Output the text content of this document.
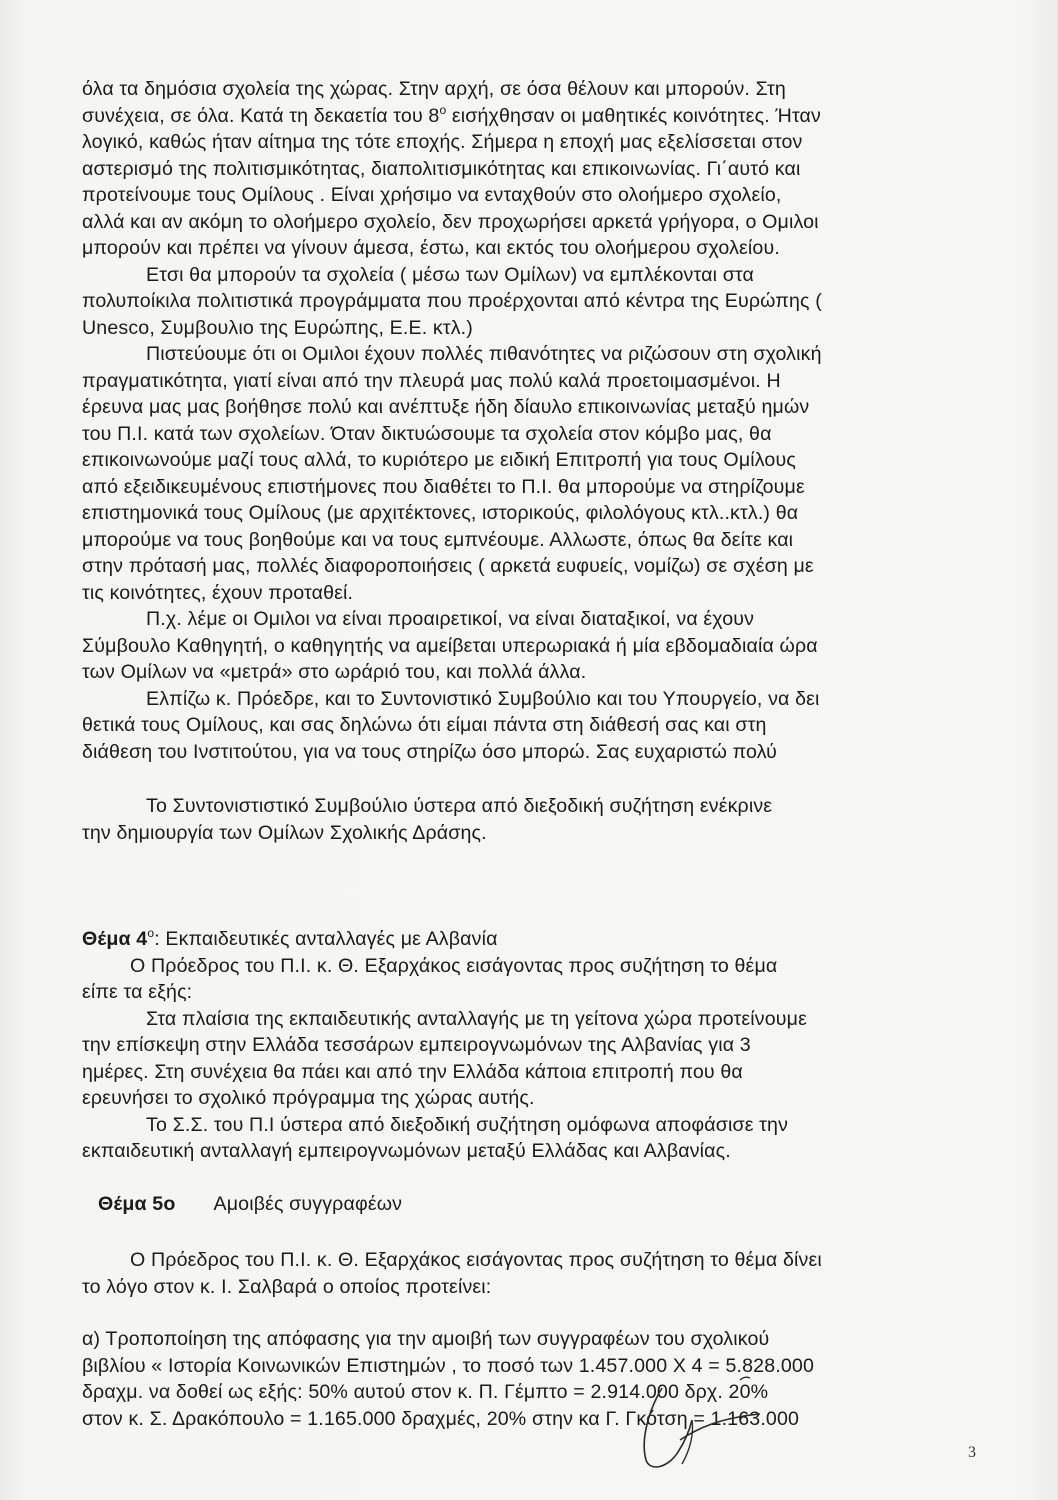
όλα τα δημόσια σχολεία της χώρας. Στην αρχή, σε όσα θέλουν και μπορούν. Στη
συνέχεια, σε όλα. Κατά τη δεκαετία του $8^o$ εισήχθησαν οι μαθητικές κοινότητες. Ήταν
λογικό, καθώς ήταν αίτημα της τότε εποχής. Σήμερα η εποχή μας εξελίσσεται στον
αστερισμό της πολιτισμικότητας, διαπολιτισμικότητας και επικοινωνίας. Γι΄αυτό και
προτείνουμε τους Ομίλους . Είναι χρήσιμο να ενταχθούν στο ολοήμερο σχολείο,
αλλά και αν ακόμη το ολοήμερο σχολείο, δεν προχωρήσει αρκετά γρήγορα, ο Ομιλοι
μπορούν και πρέπει να γίνουν άμεσα, έστω, και εκτός του ολοήμερου σχολείου.
Ετσι θα μπορούν τα σχολεία ( μέσω των Ομίλων) να εμπλέκονται στα
πολυποίκιλα πολιτιστικά προγράμματα που προέρχονται από κέντρα της Ευρώπης (
Unesco, Συμβουλιο της Ευρώπης, Ε.Ε. κτλ.)
Πιστεύουμε ότι οι Ομιλοι έχουν πολλές πιθανότητες να ριζώσουν στη σχολική
πραγματικότητα, γιατί είναι από την πλευρά μας πολύ καλά προετοιμασμένοι. Η
έρευνα μας μας βοήθησε πολύ και ανέπτυξε ήδη δίαυλο επικοινωνίας μεταξύ ημών
του Π.Ι. κατά των σχολείων. Όταν δικτυώσουμε τα σχολεία στον κόμβο μας, θα
επικοινωνούμε μαζί τους αλλά, το κυριότερο με ειδική Επιτροπή για τους Ομίλους
από εξειδικευμένους επιστήμονες που διαθέτει το Π.Ι. θα μπορούμε να στηρίζουμε
επιστημονικά τους Ομίλους (με αρχιτέκτονες, ιστορικούς, φιλολόγους κτλ..κτλ.) θα
μπορούμε να τους βοηθούμε και να τους εμπνέουμε. Αλλωστε, όπως θα δείτε και
στην πρότασή μας, πολλές διαφοροποιήσεις ( αρκετά ευφυείς, νομίζω) σε σχέση με
τις κοινότητες, έχουν προταθεί.
Π.χ. λέμε οι Ομιλοι να είναι προαιρετικοί, να είναι διαταξικοί, να έχουν
Σύμβουλο Καθηγητή, ο καθηγητής να αμείβεται υπερωριακά ή μία εβδομαδιαία ώρα
των Ομίλων να «μετρά» στο ωράριό του, και πολλά άλλα.
Ελπίζω κ. Πρόεδρε, και το Συντονιστικό Συμβούλιο και του Υπουργείο, να δει
θετικά τους Ομίλους, και σας δηλώνω ότι είμαι πάντα στη διάθεσή σας και στη
διάθεση του Ινστιτούτου, για να τους στηρίζω όσο μπορώ. Σας ευχαριστώ πολύ
Το Συντονιστιστικό Συμβούλιο ύστερα από διεξοδική συζήτηση ενέκρινε
την δημιουργία των Ομίλων Σχολικής Δράσης.
Θέμα $4^o$: Εκπαιδευτικές ανταλλαγές με Αλβανία
Ο Πρόεδρος του Π.Ι. κ. Θ. Εξαρχάκος εισάγοντας προς συζήτηση το θέμα
είπε τα εξής:
Στα πλαίσια της εκπαιδευτικής ανταλλαγής με τη γείτονα χώρα προτείνουμε
την επίσκεψη στην Ελλάδα τεσσάρων εμπειρογνωμόνων της Αλβανίας για 3
ημέρες. Στη συνέχεια θα πάει και από την Ελλάδα κάποια επιτροπή που θα
ερευνήσει το σχολικό πρόγραμμα της χώρας αυτής.
Το Σ.Σ. του Π.Ι ύστερα από διεξοδική συζήτηση ομόφωνα αποφάσισε την
εκπαιδευτική ανταλλαγή εμπειρογνωμόνων μεταξύ Ελλάδας και Αλβανίας.
Θέμα 5ο Αμοιβές συγγραφέων
Ο Πρόεδρος του Π.Ι. κ. Θ. Εξαρχάκος εισάγοντας προς συζήτηση το θέμα δίνει
το λόγο στον κ. Ι. Σαλβαρά ο οποίος προτείνει:
α) Τροποποίηση της απόφασης για την αμοιβή των συγγραφέων του σχολικού
βιβλίου « Ιστορία Κοινωνικών Επιστημών , το ποσό των 1.457.000 Χ 4 = 5.828.000
δραχμ. να δοθεί ως εξής: 50% αυτού στον κ. Π. Γέμπτο = 2.914.000 δρχ. 20%
στον κ. Σ. Δρακόπουλο = 1.165.000 δραχμές, 20% στην κα Γ. Γκότση = 1.163.000
3
